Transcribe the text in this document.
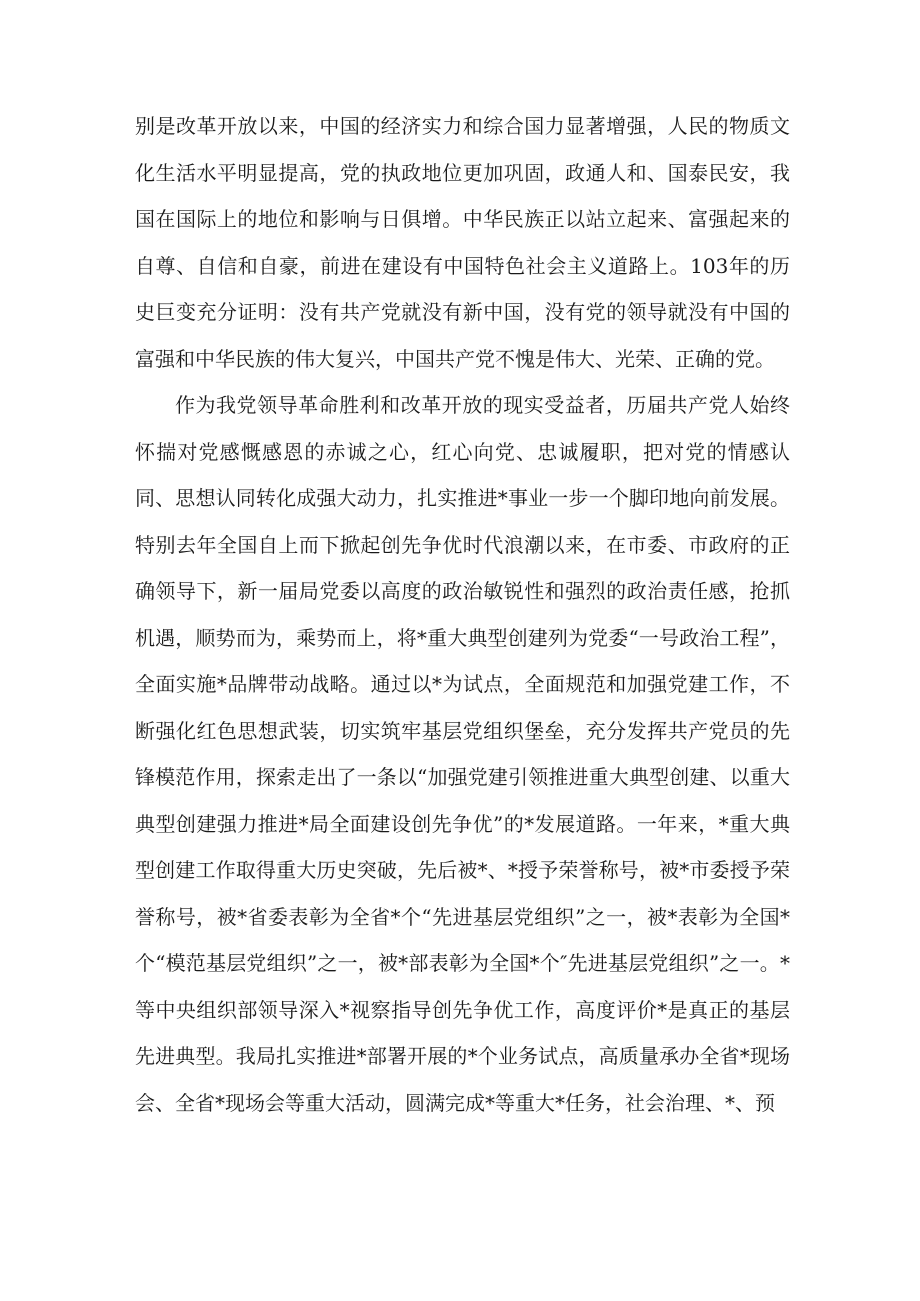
别是改革开放以来，中国的经济实力和综合国力显著增强，人民的物质文化生活水平明显提高，党的执政地位更加巩固，政通人和、国泰民安，我国在国际上的地位和影响与日俱增。中华民族正以站立起来、富强起来的自尊、自信和自豪，前进在建设有中国特色社会主义道路上。103年的历史巨变充分证明：没有共产党就没有新中国，没有党的领导就没有中国的富强和中华民族的伟大复兴，中国共产党不愧是伟大、光荣、正确的党。

作为我党领导革命胜利和改革开放的现实受益者，历届共产党人始终怀揣对党感慨感恩的赤诚之心，红心向党、忠诚履职，把对党的情感认同、思想认同转化成强大动力，扎实推进*事业一步一个脚印地向前发展。特别去年全国自上而下掀起创先争优时代浪潮以来，在市委、市政府的正确领导下，新一届局党委以高度的政治敏锐性和强烈的政治责任感，抢抓机遇，顺势而为，乘势而上，将*重大典型创建列为党委“一号政治工程”，全面实施*品牌带动战略。通过以*为试点，全面规范和加强党建工作，不断强化红色思想武装，切实筑牢基层党组织堡垒，充分发挥共产党员的先锋模范作用，探索走出了一条以“加强党建引领推进重大典型创建、以重大典型创建强力推进*局全面建设创先争优”的*发展道路。一年来，*重大典型创建工作取得重大历史突破，先后被*、*授予荣誉称号，被*市委授予荣誉称号，被*省委表彰为全省*个“先进基层党组织”之一，被*表彰为全国*个“模范基层党组织”之一，被*部表彰为全国*个″先进基层党组织”之一。*等中央组织部领导深入*视察指导创先争优工作，高度评价*是真正的基层先进典型。我局扎实推进*部署开展的*个业务试点，高质量承办全省*现场会、全省*现场会等重大活动，圆满完成*等重大*任务，社会治理、*、预
